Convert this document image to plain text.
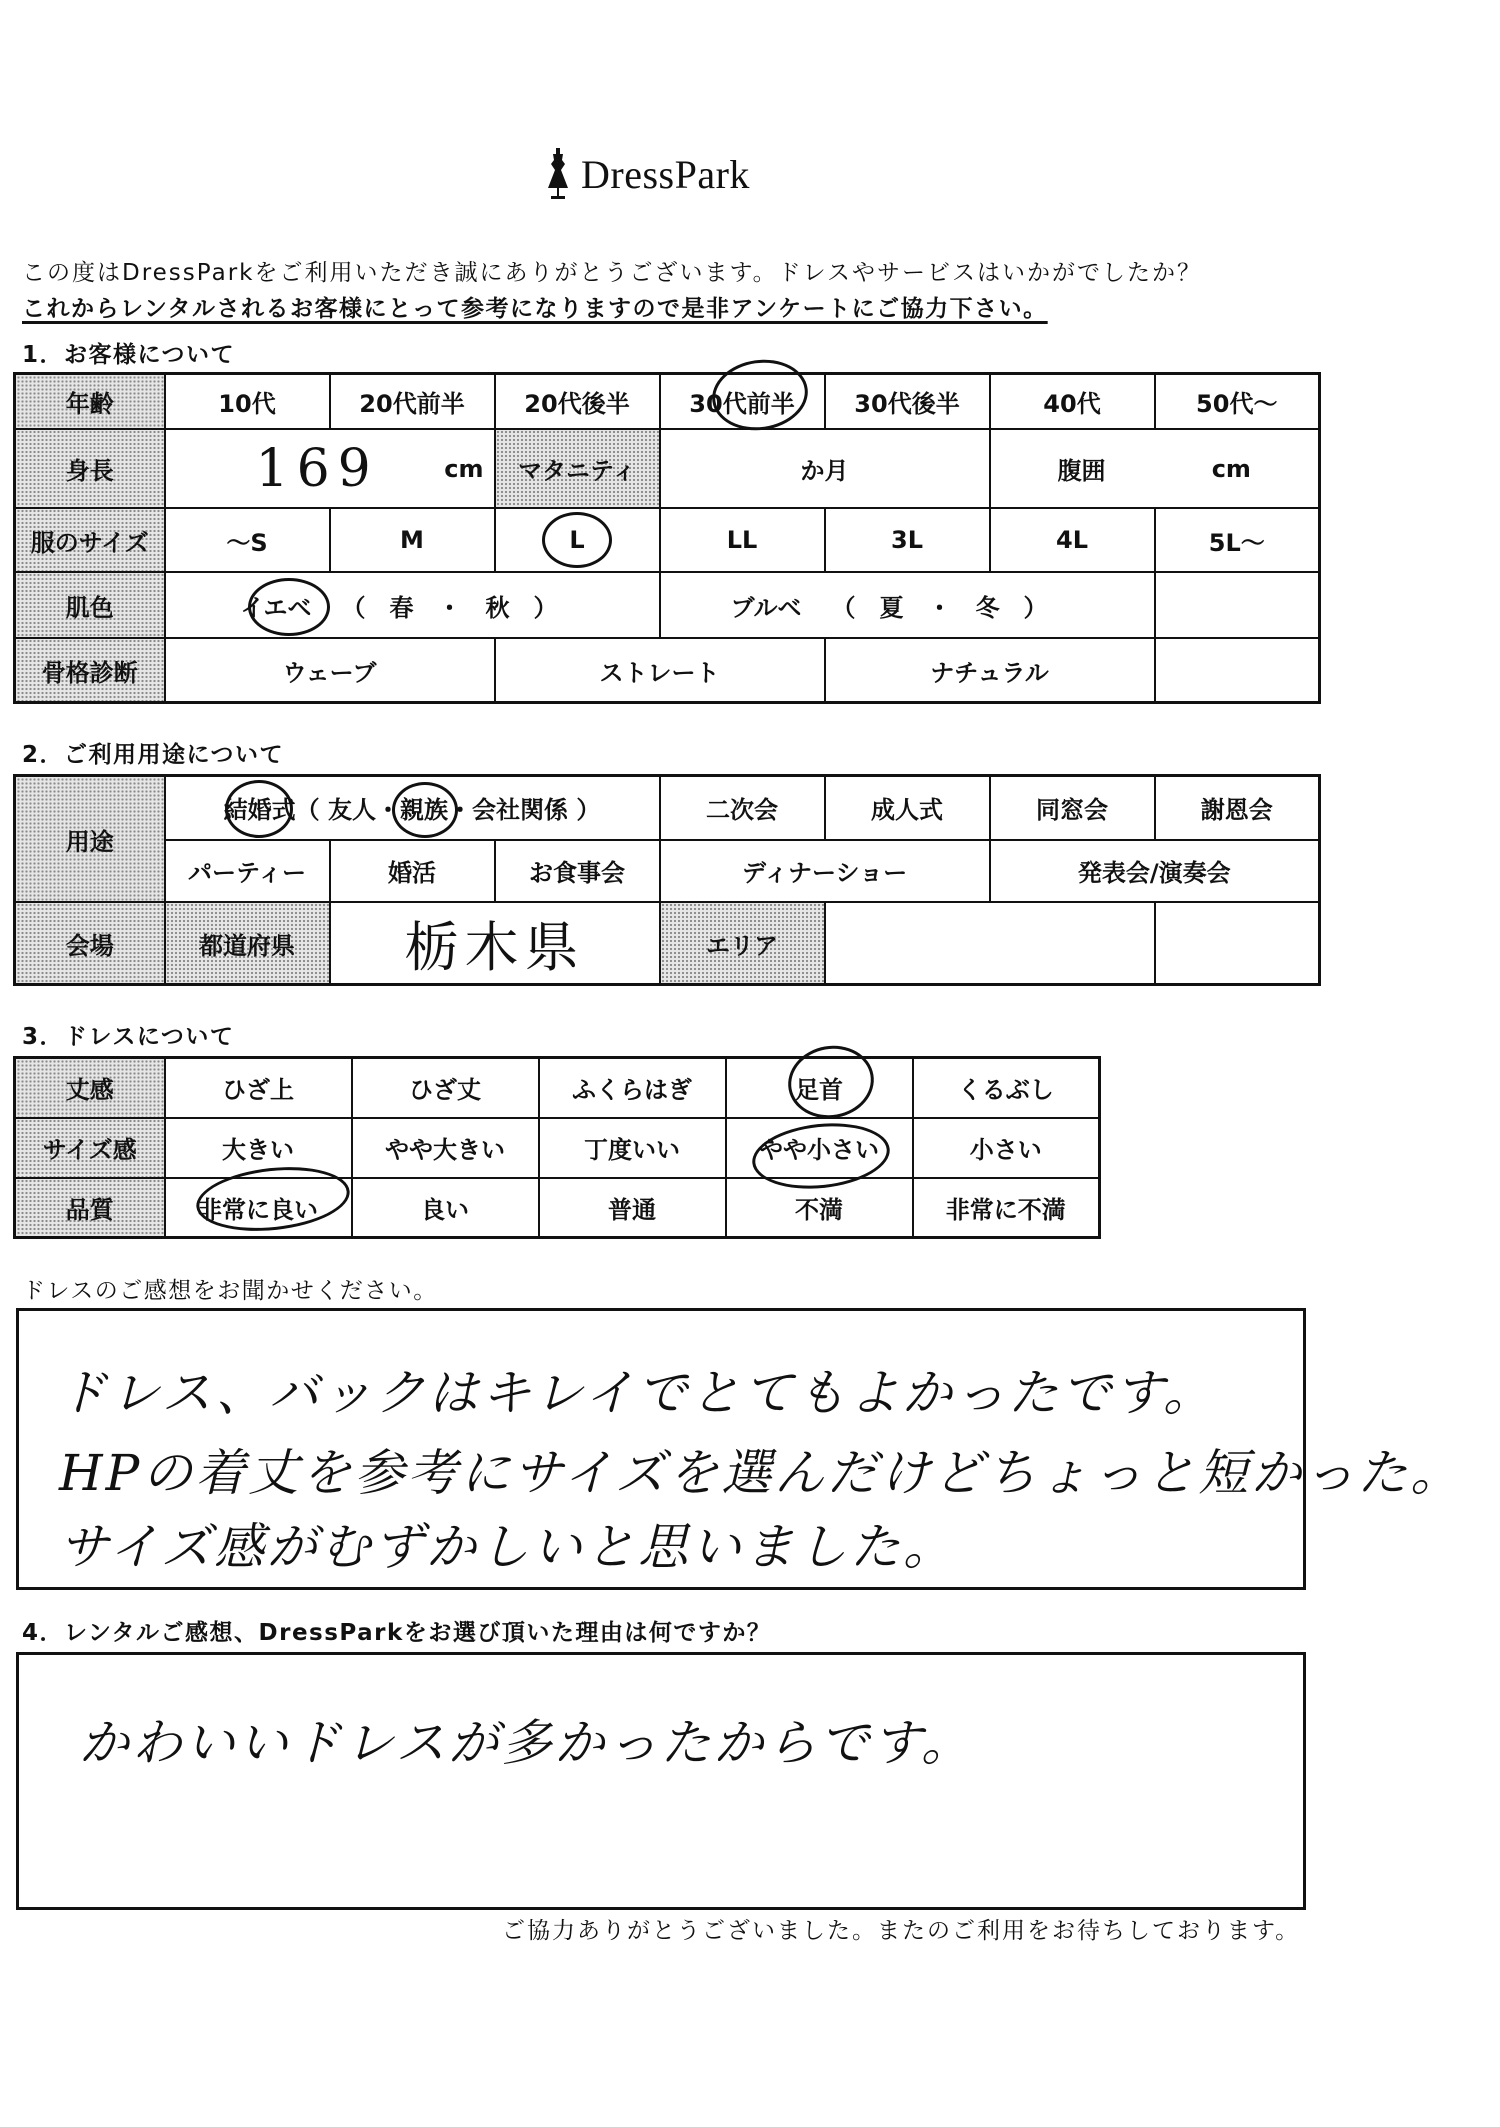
DressPark
この度はDressParkをご利用いただき誠にありがとうございます。ドレスやサービスはいかがでしたか？
これからレンタルされるお客様にとって参考になりますので是非アンケートにご協力下さい。
1．お客様について
年齢	10代	20代前半	20代後半	30代前半	30代後半	40代	50代～
身長	169 cm		マタニティ	か月		腹囲 cm	

服のサイズ	～S	M	L	LL	3L	4L	5L～
肌色	イエベ （　春　・　秋　）			ブルベ （　夏　・　冬　）			

骨格診断	ウェーブ		ストレート		ナチュラル		
2．ご利用用途について
用途	結婚式（ 友人・親族・会社関係 ）			二次会	成人式	同窓会	謝恩会
	パーティー	婚活	お食事会	ディナーショー		発表会/演奏会	
会場	都道府県	栃木県		エリア			
3．ドレスについて
丈感	ひざ上	ひざ丈	ふくらはぎ	足首	くるぶし
サイズ感	大きい	やや大きい	丁度いい	やや小さい	小さい
品質	非常に良い	良い	普通	不満	非常に不満
ドレスのご感想をお聞かせください。
ドレス、バックはキレイでとてもよかったです。
HPの着丈を参考にサイズを選んだけどちょっと短かった。
サイズ感がむずかしいと思いました。
4．レンタルご感想、DressParkをお選び頂いた理由は何ですか？
かわいいドレスが多かったからです。
ご協力ありがとうございました。またのご利用をお待ちしております。
